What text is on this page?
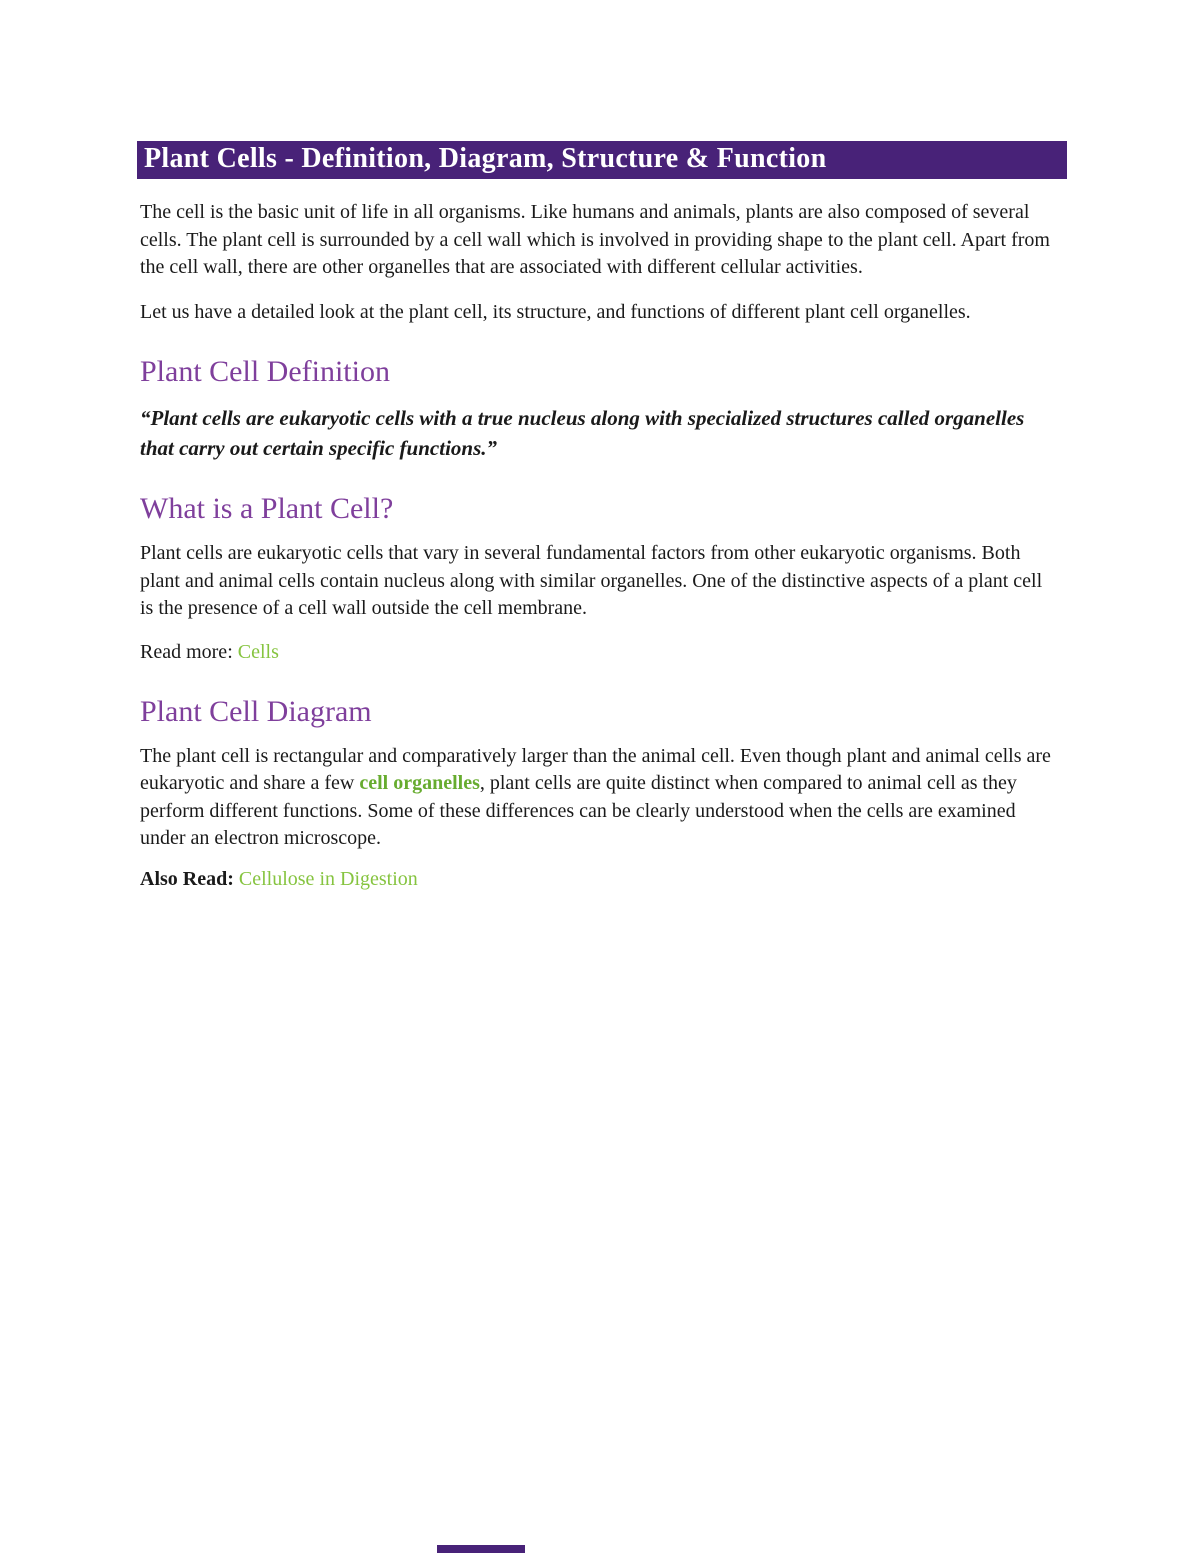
Plant Cells - Definition, Diagram, Structure & Function

The cell is the basic unit of life in all organisms. Like humans and animals, plants are also composed of several cells. The plant cell is surrounded by a cell wall which is involved in providing shape to the plant cell. Apart from the cell wall, there are other organelles that are associated with different cellular activities.

Let us have a detailed look at the plant cell, its structure, and functions of different plant cell organelles.

Plant Cell Definition

“Plant cells are eukaryotic cells with a true nucleus along with specialized structures called organelles that carry out certain specific functions.”

What is a Plant Cell?

Plant cells are eukaryotic cells that vary in several fundamental factors from other eukaryotic organisms. Both plant and animal cells contain nucleus along with similar organelles. One of the distinctive aspects of a plant cell is the presence of a cell wall outside the cell membrane.

Read more: Cells

Plant Cell Diagram

The plant cell is rectangular and comparatively larger than the animal cell. Even though plant and animal cells are eukaryotic and share a few cell organelles, plant cells are quite distinct when compared to animal cell as they perform different functions. Some of these differences can be clearly understood when the cells are examined under an electron microscope.

Also Read: Cellulose in Digestion
